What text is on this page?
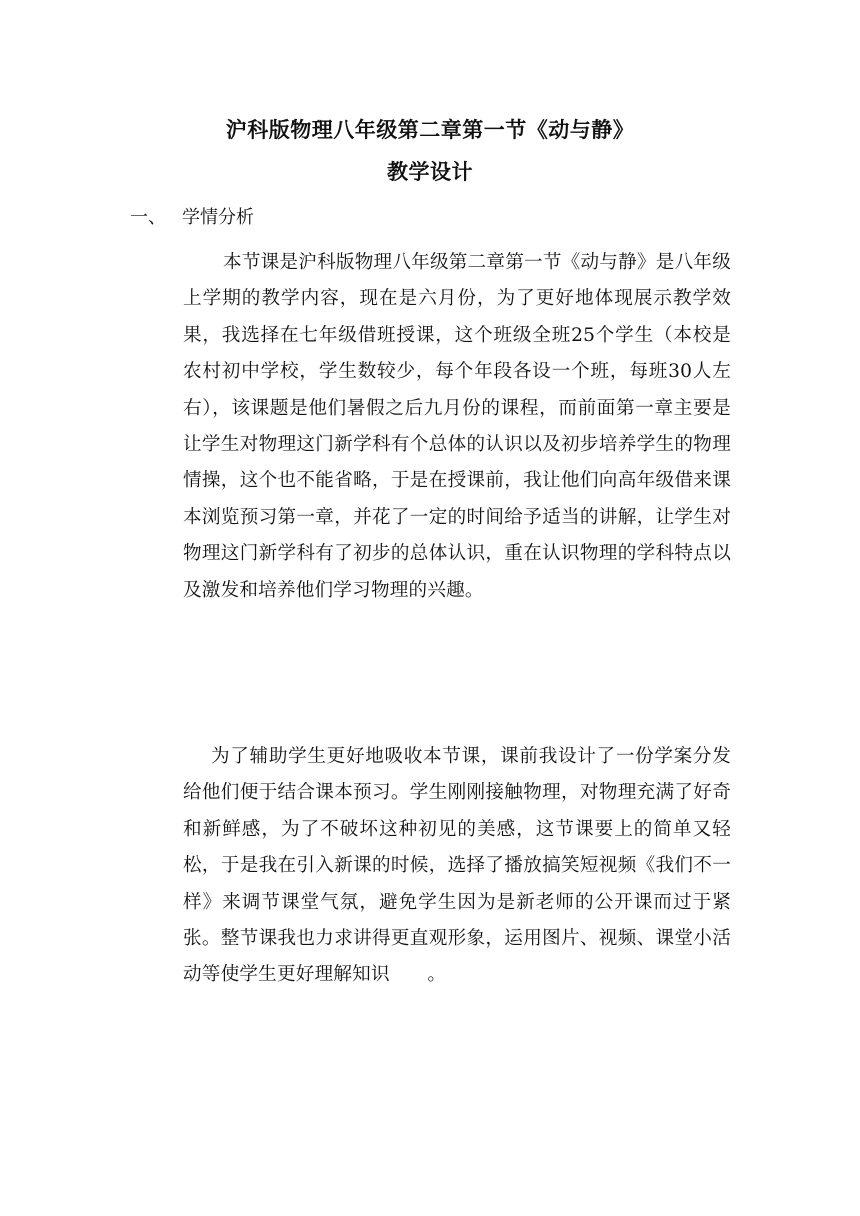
沪科版物理八年级第二章第一节《动与静》
教学设计
一、 学情分析

本节课是沪科版物理八年级第二章第一节《动与静》是八年级上学期的教学内容，现在是六月份，为了更好地体现展示教学效果，我选择在七年级借班授课，这个班级全班25个学生（本校是农村初中学校，学生数较少，每个年段各设一个班，每班30人左右），该课题是他们暑假之后九月份的课程，而前面第一章主要是让学生对物理这门新学科有个总体的认识以及初步培养学生的物理情操，这个也不能省略，于是在授课前，我让他们向高年级借来课本浏览预习第一章，并花了一定的时间给予适当的讲解，让学生对物理这门新学科有了初步的总体认识，重在认识物理的学科特点以及激发和培养他们学习物理的兴趣。

为了辅助学生更好地吸收本节课，课前我设计了一份学案分发给他们便于结合课本预习。学生刚刚接触物理，对物理充满了好奇和新鲜感，为了不破坏这种初见的美感，这节课要上的简单又轻松，于是我在引入新课的时候，选择了播放搞笑短视频《我们不一样》来调节课堂气氛，避免学生因为是新老师的公开课而过于紧张。整节课我也力求讲得更直观形象，运用图片、视频、课堂小活动等使学生更好理解知识　　。
